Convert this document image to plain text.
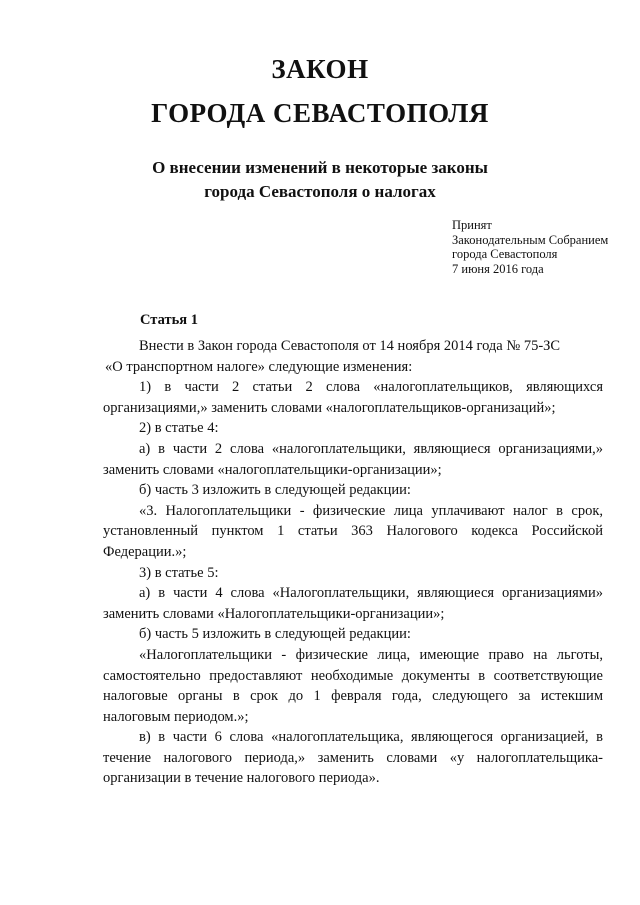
ЗАКОН
ГОРОДА СЕВАСТОПОЛЯ
О внесении изменений в некоторые законы
города Севастополя о налогах
Принят
Законодательным Собранием
города Севастополя
7 июня 2016 года
Статья 1

Внести в Закон города Севастополя от 14 ноября 2014 года № 75-ЗС

«О транспортном налоге» следующие изменения:

1) в части 2 статьи 2 слова «налогоплательщиков, являющихся организациями,» заменить словами «налогоплательщиков-организаций»;

2) в статье 4:

а) в части 2 слова «налогоплательщики, являющиеся организациями,» заменить словами «налогоплательщики-организации»;

б) часть 3 изложить в следующей редакции:

«3. Налогоплательщики - физические лица уплачивают налог в срок, установленный пунктом 1 статьи 363 Налогового кодекса Российской Федерации.»;

3) в статье 5:

а) в части 4 слова «Налогоплательщики, являющиеся организациями» заменить словами «Налогоплательщики-организации»;

б) часть 5 изложить в следующей редакции:

«Налогоплательщики - физические лица, имеющие право на льготы, самостоятельно предоставляют необходимые документы в соответствующие налоговые органы в срок до 1 февраля года, следующего за истекшим налоговым периодом.»;

в) в части 6 слова «налогоплательщика, являющегося организацией, в течение налогового периода,» заменить словами «у налогоплательщика-организации в течение налогового периода».
